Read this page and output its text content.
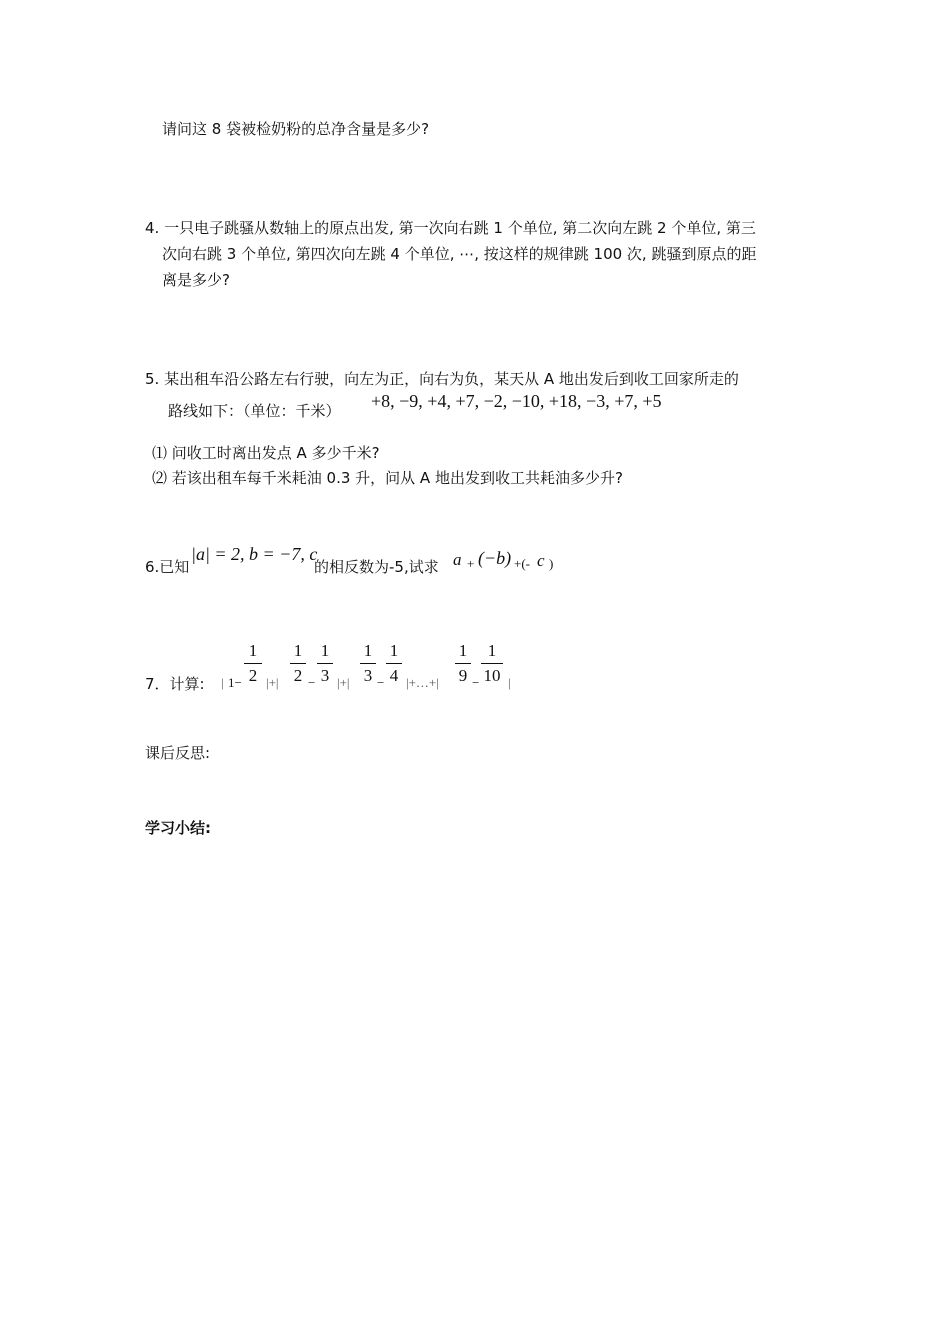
请问这 8 袋被检奶粉的总净含量是多少?
4. 一只电子跳骚从数轴上的原点出发, 第一次向右跳 1 个单位, 第二次向左跳 2 个单位, 第三
次向右跳 3 个单位, 第四次向左跳 4 个单位, ⋯, 按这样的规律跳 100 次, 跳骚到原点的距
离是多少?
5. 某出租车沿公路左右行驶，向左为正，向右为负，某天从 A 地出发后到收工回家所走的
路线如下：（单位：千米） +8, −9, +4, +7, −2, −10, +18, −3, +7, +5
⑴ 问收工时离出发点 A 多少千米?
⑵ 若该出租车每千米耗油 0.3 升，问从 A 地出发到收工共耗油多少升?
6.已知
|a| = 2, b = −7, c
的相反数为-5,试求 a + (−b) +(- c )
7．计算: | 1−
1
2 |+|
1
2 −
1
3 |+|
1
3 −
1
4 |+…+|
1
9 −
1
10 |
课后反思:
学习小结:
